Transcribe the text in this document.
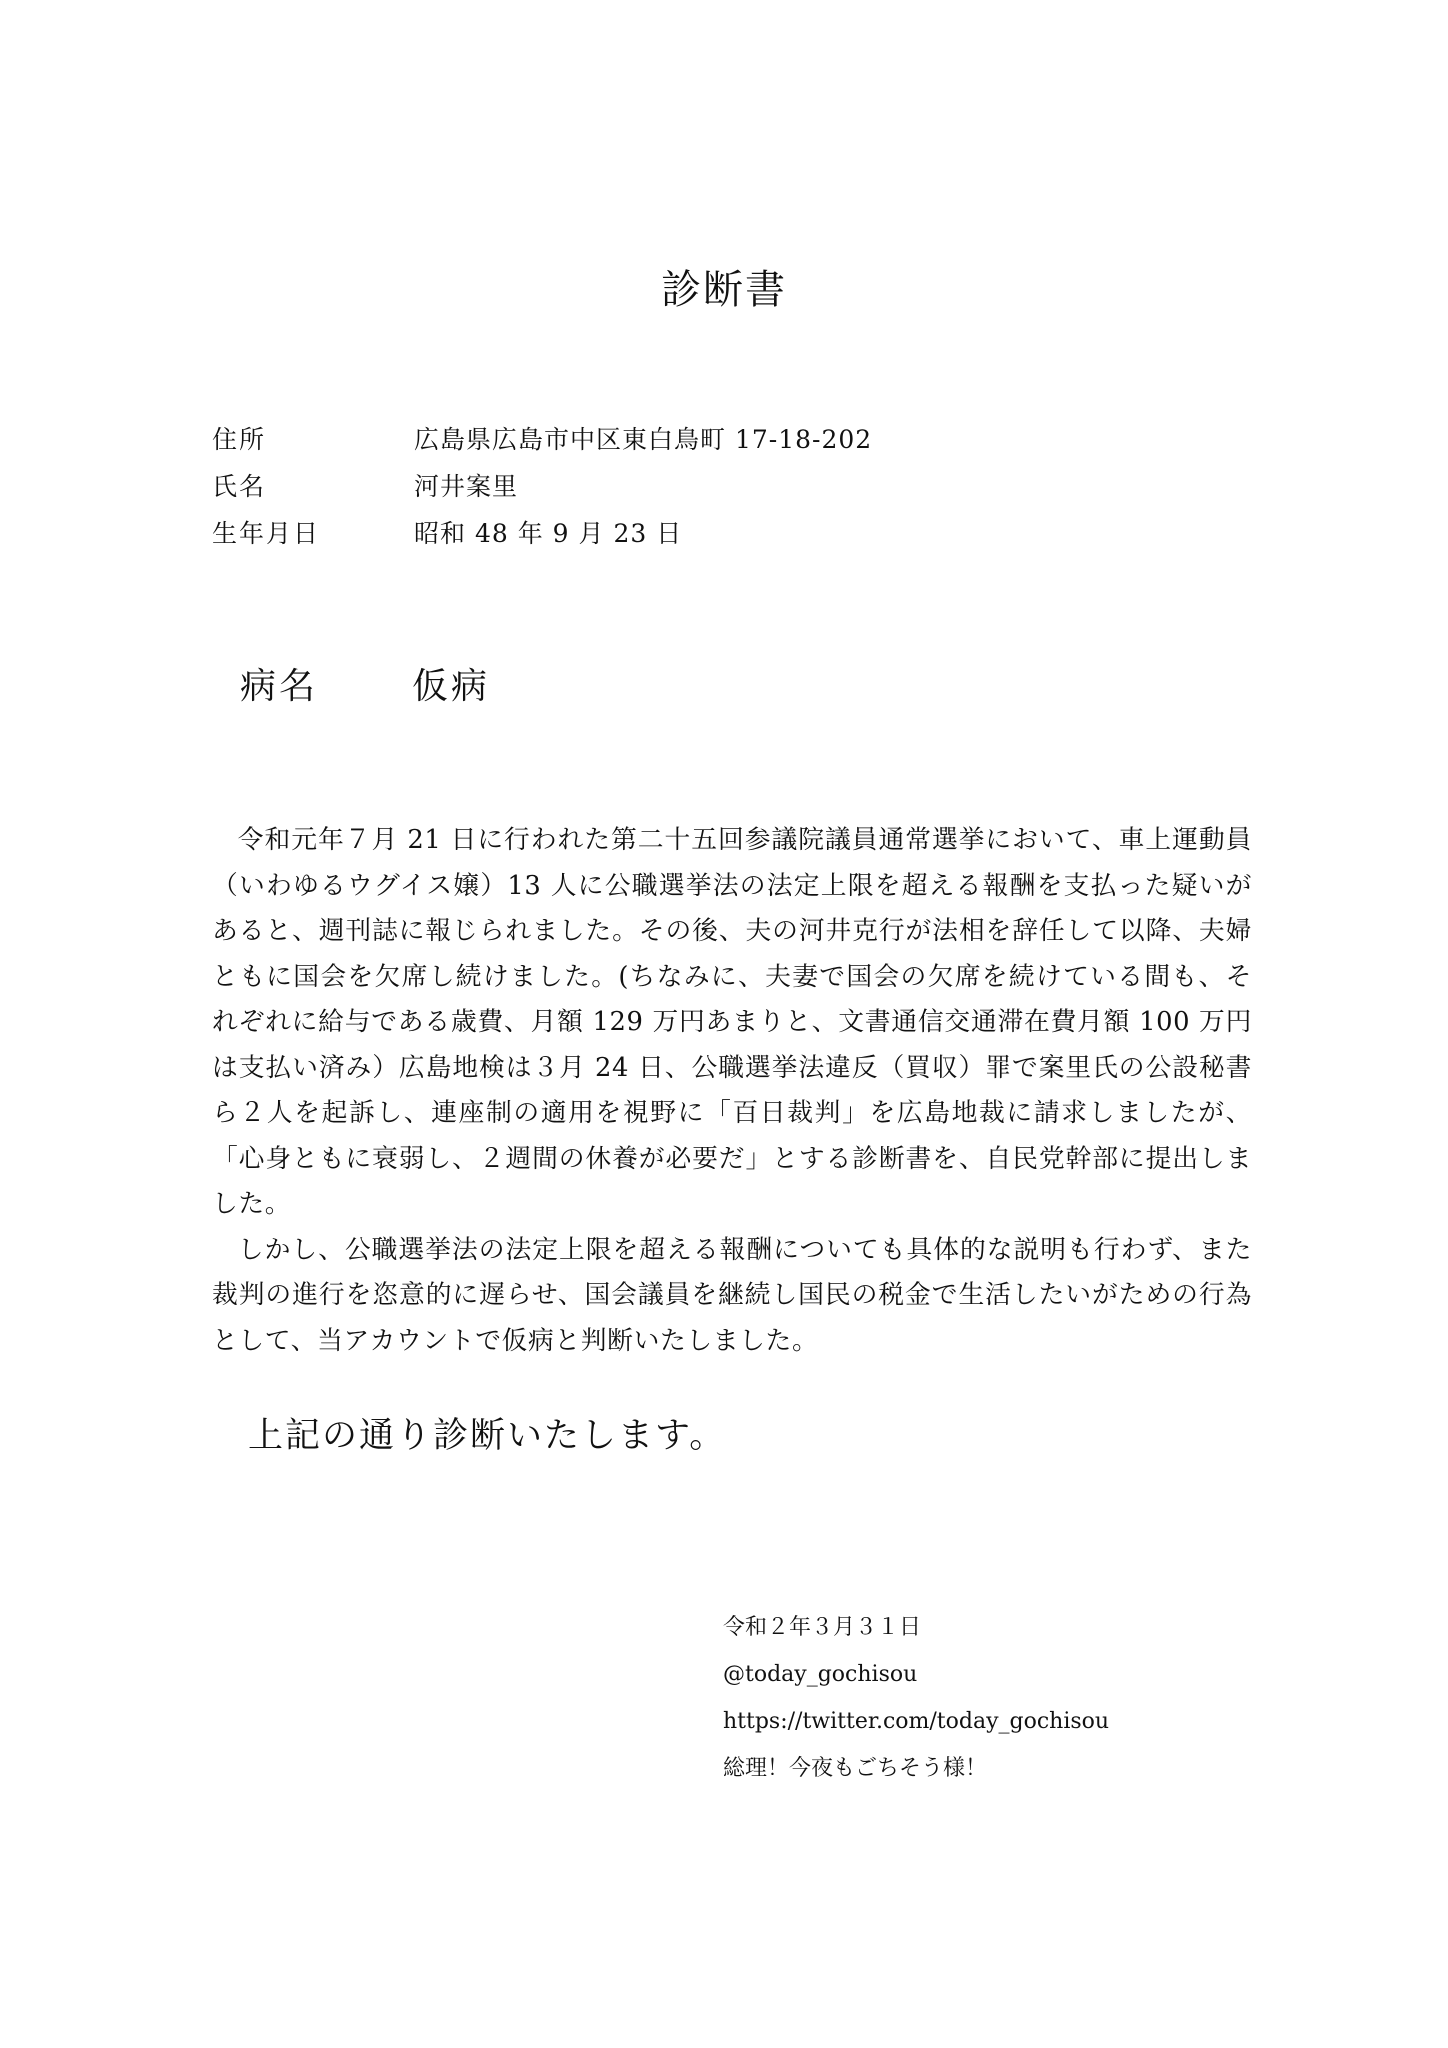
診断書
住所	広島県広島市中区東白鳥町 17-18-202
氏名	河井案里
生年月日	昭和 48 年 9 月 23 日
病名	仮病

令和元年７月 21 日に行われた第二十五回参議院議員通常選挙において、車上運動員（いわゆるウグイス嬢）13 人に公職選挙法の法定上限を超える報酬を支払った疑いがあると、週刊誌に報じられました。その後、夫の河井克行が法相を辞任して以降、夫婦ともに国会を欠席し続けました。(ちなみに、夫妻で国会の欠席を続けている間も、それぞれに給与である歳費、月額 129 万円あまりと、文書通信交通滞在費月額 100 万円は支払い済み）広島地検は３月 24 日、公職選挙法違反（買収）罪で案里氏の公設秘書ら２人を起訴し、連座制の適用を視野に「百日裁判」を広島地裁に請求しましたが、「心身ともに衰弱し、２週間の休養が必要だ」とする診断書を、自民党幹部に提出しました。

しかし、公職選挙法の法定上限を超える報酬についても具体的な説明も行わず、また裁判の進行を恣意的に遅らせ、国会議員を継続し国民の税金で生活したいがための行為として、当アカウントで仮病と判断いたしました。

上記の通り診断いたします。
令和２年３月３１日
@today_gochisou
https://twitter.com/today_gochisou
総理！今夜もごちそう様！
